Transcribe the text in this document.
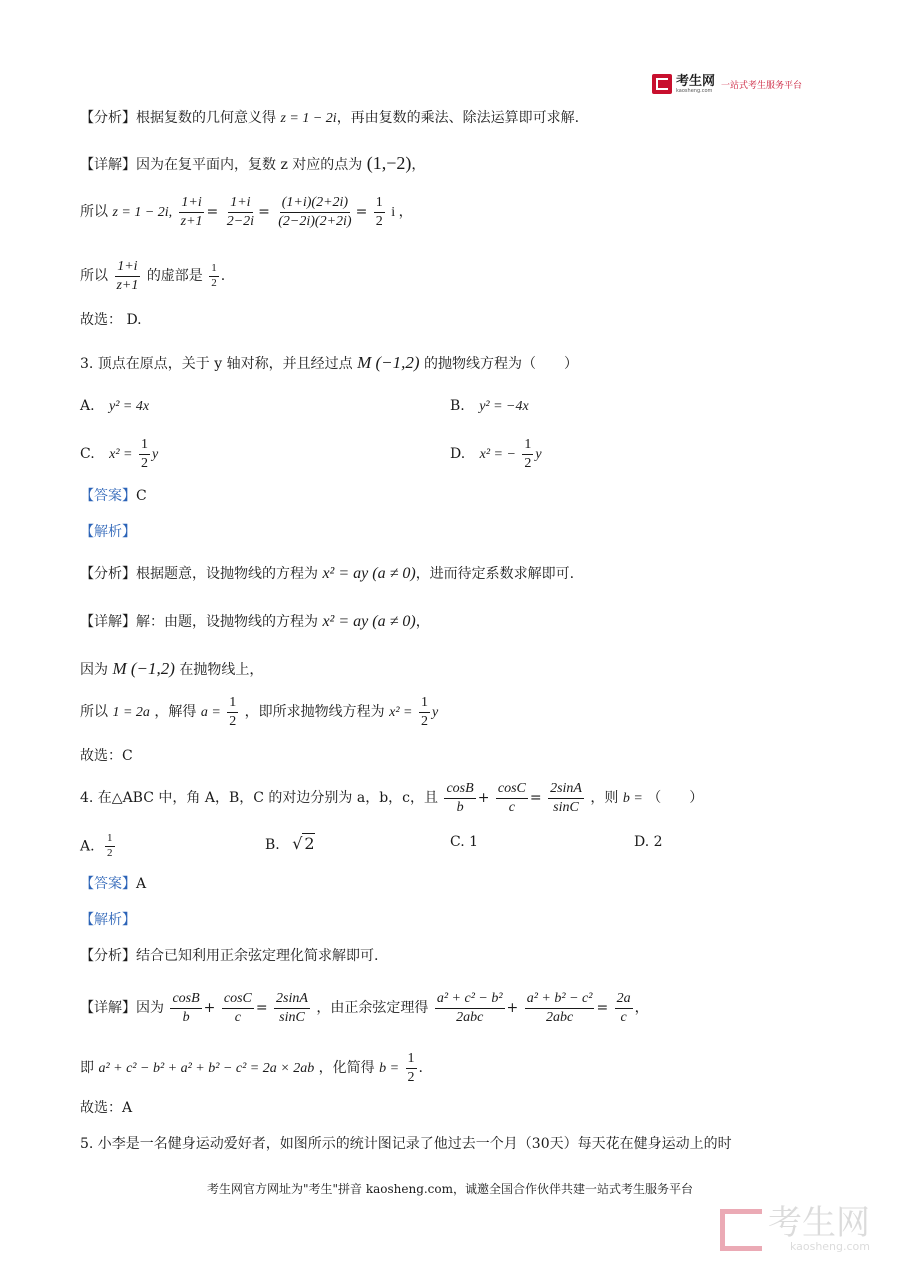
考生网
kaosheng.com 一站式考生服务平台
【分析】根据复数的几何意义得 z = 1 − 2i，再由复数的乘法、除法运算即可求解.
【详解】因为在复平面内，复数 z 对应的点为 (1,−2)，
所以 z = 1 − 2i, $\frac{1+i}{z+1} = \frac{1+i}{2-2i} = \frac{(1+i)(2+2i)}{(2-2i)(2+2i)} = \frac{1}{2}$ i ，
所以 $\frac{1+i}{z+1}$ 的虚部是 $\frac{1}{2}$ .
故选： D.
3. 顶点在原点，关于 y 轴对称，并且经过点 M (−1,2) 的抛物线方程为（　　）
A. y² = 4x	B. y² = −4x
C. $x^2 = \frac{1}{2}$ y	D. x² = − $\frac{1}{2}$ y
【答案】C
【解析】
【分析】根据题意，设抛物线的方程为 x² = ay (a ≠ 0)，进而待定系数求解即可.
【详解】解：由题，设抛物线的方程为 x² = ay (a ≠ 0)，
因为 M (−1,2) 在抛物线上，
所以 1 = 2a ，解得 $a = \frac{1}{2}$ ，即所求抛物线方程为 $x^2 = \frac{1}{2}$ y
故选：C
4. 在△ABC 中，角 A，B，C 的对边分别为 a，b，c，且 $\frac{\cos B}{b} + \frac{\cos C}{c} = \frac{2\sin A}{\sin C}$ ，则 b = （　　）
A. $\frac{1}{2}$	B. √ 2	C. 1	D. 2
【答案】A
【解析】
【分析】结合已知利用正余弦定理化简求解即可.
【详解】因为 $\frac{\cos B}{b} + \frac{\cos C}{c} = \frac{2\sin A}{\sin C}$ ，由正余弦定理得 $\frac{\text{a² + c² − b²}}{\text{2abc}} + \frac{\text{a² + b² − c²}}{\text{2abc}} = \frac{2a}{c}$ ，
即 a² + c² − b² + a² + b² − c² = 2a × 2ab ，化简得 $b = \frac{1}{2}$ .
故选：A
5. 小李是一名健身运动爱好者，如图所示的统计图记录了他过去一个月（30天）每天花在健身运动上的时
考生网官方网址为"考生"拼音 kaosheng.com，诚邀全国合作伙伴共建一站式考生服务平台
考生网
kaosheng.com
